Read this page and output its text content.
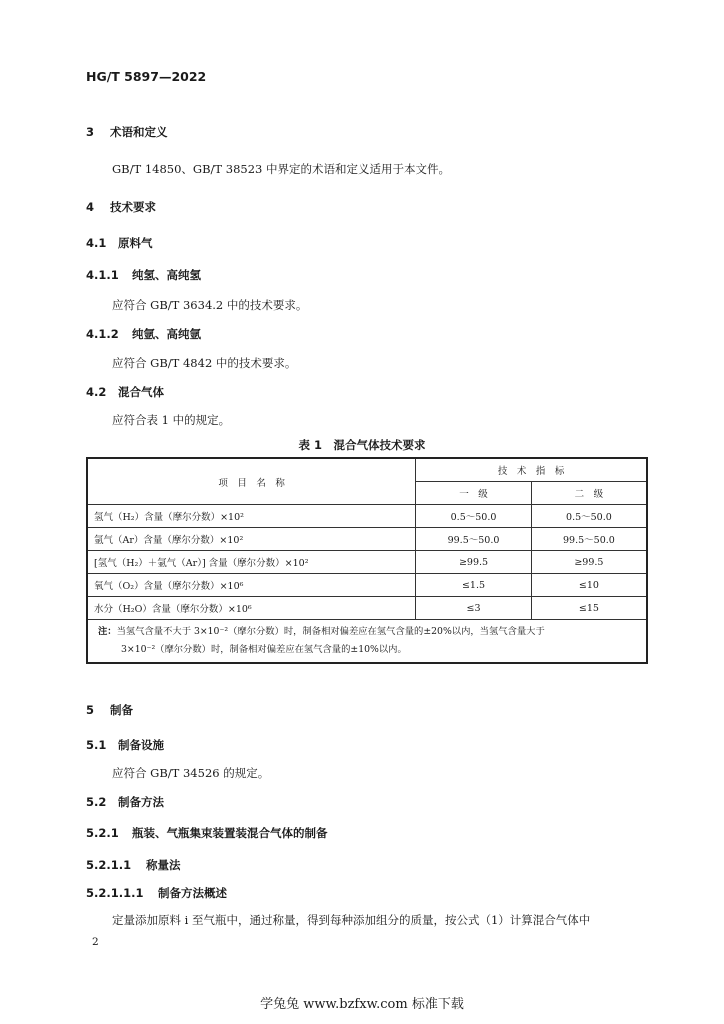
HG/T 5897—2022
3 术语和定义
GB/T 14850、GB/T 38523 中界定的术语和定义适用于本文件。
4 技术要求
4.1 原料气
4.1.1 纯氢、高纯氢
应符合 GB/T 3634.2 中的技术要求。
4.1.2 纯氩、高纯氩
应符合 GB/T 4842 中的技术要求。
4.2 混合气体
应符合表 1 中的规定。
表 1　混合气体技术要求
项　目　名　称	技　术　指　标	
	一　级	二　级
氢气（H₂）含量（摩尔分数）×10²	0.5～50.0	0.5～50.0
氩气（Ar）含量（摩尔分数）×10²	99.5～50.0	99.5～50.0
[氢气（H₂）＋氩气（Ar）] 含量（摩尔分数）×10²	≥99.5	≥99.5
氧气（O₂）含量（摩尔分数）×10⁶	≤1.5	≤10
水分（H₂O）含量（摩尔分数）×10⁶	≤3	≤15

注：当氢气含量不大于 3×10⁻²（摩尔分数）时，制备相对偏差应在氢气含量的±20%以内，当氢气含量大于
3×10⁻²（摩尔分数）时，制备相对偏差应在氢气含量的±10%以内。		
5 制备
5.1 制备设施
应符合 GB/T 34526 的规定。
5.2 制备方法
5.2.1 瓶装、气瓶集束装置装混合气体的制备
5.2.1.1 称量法
5.2.1.1.1 制备方法概述
定量添加原料 i 至气瓶中，通过称量，得到每种添加组分的质量，按公式（1）计算混合气体中
2
学兔兔 www.bzfxw.com 标准下载
